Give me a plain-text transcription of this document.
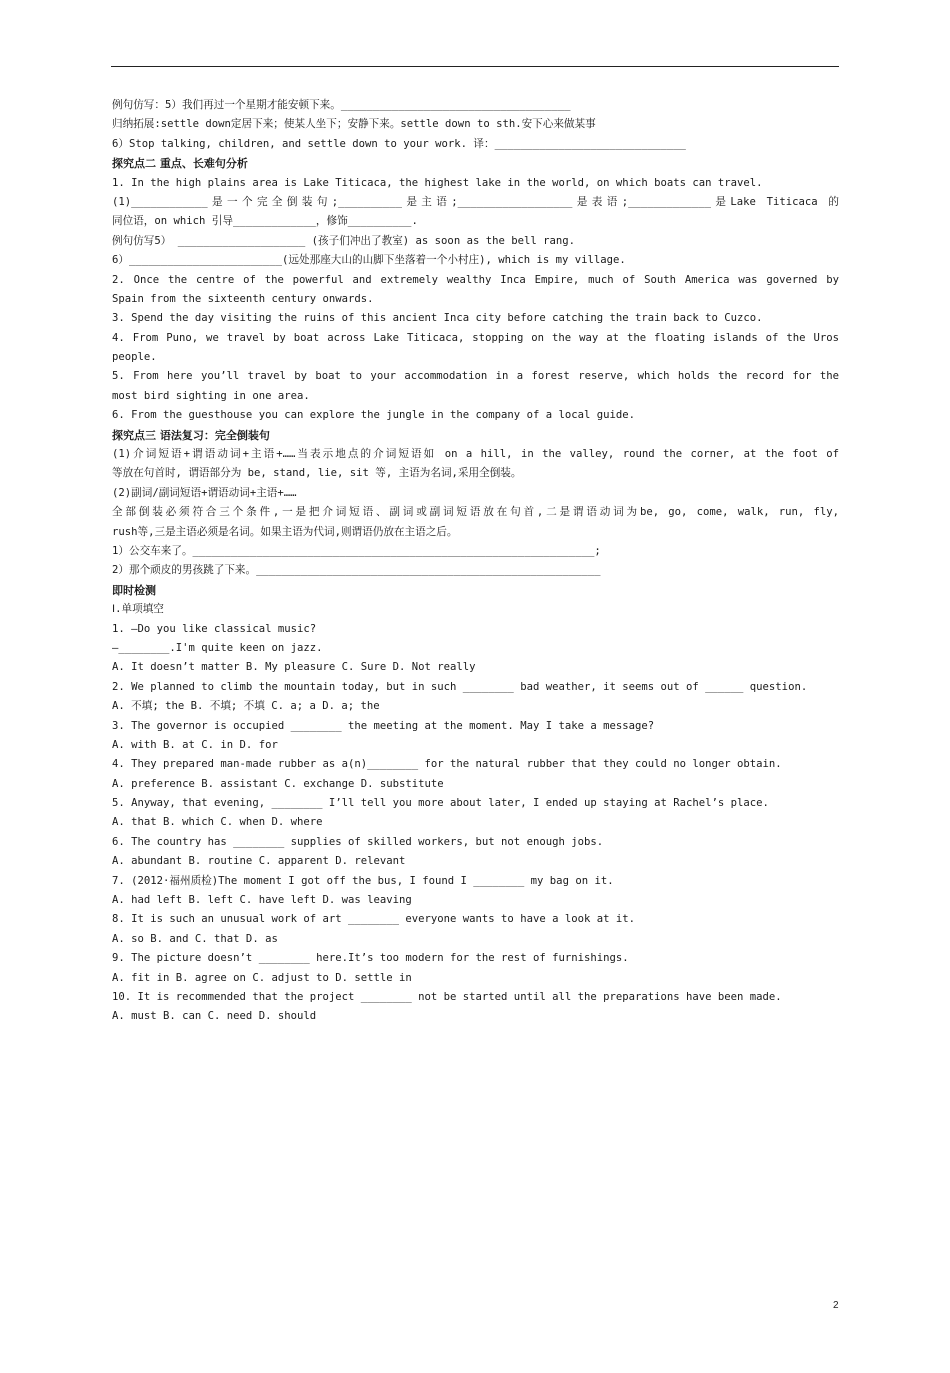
例句仿写：5）我们再过一个星期才能安顿下来。____________________________________
归纳拓展:settle down定居下来；使某人坐下；安静下来。settle down to sth.安下心来做某事
6）Stop talking, children, and settle down to your work. 译：______________________________
探究点二 重点、长难句分析
1. In the high plains area is Lake Titicaca, the highest lake in the world, on which boats can travel.
(1)____________是一个完全倒装句;__________是主语;__________________是表语;_____________是Lake Titicaca 的
同位语，on which 引导_____________，修饰__________.
例句仿写5） ____________________ (孩子们冲出了教室) as soon as the bell rang.
6）________________________(远处那座大山的山脚下坐落着一个小村庄), which is my village.
2. Once the centre of the powerful and extremely wealthy Inca Empire, much of South America was governed by
Spain from the sixteenth century onwards.
3. Spend the day visiting the ruins of this ancient Inca city before catching the train back to Cuzco.
4. From Puno, we travel by boat across Lake Titicaca, stopping on the way at the floating islands of the Uros
people.
5. From here you’ll travel by boat to your accommodation in a forest reserve, which holds the record for the
most bird sighting in one area.
6. From the guesthouse you can explore the jungle in the company of a local guide.
探究点三 语法复习：完全倒装句
(1)介词短语+谓语动词+主语+……当表示地点的介词短语如 on a hill, in the valley, round the corner, at the foot of
等放在句首时, 谓语部分为 be, stand, lie, sit 等, 主语为名词,采用全倒装。
(2)副词/副词短语+谓语动词+主语+……
全部倒装必须符合三个条件,一是把介词短语、副词或副词短语放在句首,二是谓语动词为be, go, come, walk, run, fly,
rush等,三是主语必须是名词。如果主语为代词,则谓语仍放在主语之后。
1）公交车来了。_______________________________________________________________;
2）那个顽皮的男孩跳了下来。______________________________________________________
即时检测
Ⅰ.单项填空
1. —Do you like classical music?
—________.I'm quite keen on jazz.
A. It doesn’t matter B. My pleasure C. Sure D. Not really
2. We planned to climb the mountain today, but in such ________ bad weather, it seems out of ______ question.
A. 不填; the B. 不填; 不填 C. a; a D. a; the
3. The governor is occupied ________ the meeting at the moment. May I take a message?
A. with B. at C. in D. for
4. They prepared man-made rubber as a(n)________ for the natural rubber that they could no longer obtain.
A. preference B. assistant C. exchange D. substitute
5. Anyway, that evening, ________ I’ll tell you more about later, I ended up staying at Rachel’s place.
A. that B. which C. when D. where
6. The country has ________ supplies of skilled workers, but not enough jobs.
A. abundant B. routine C. apparent D. relevant
7. (2012·福州质检)The moment I got off the bus, I found I ________ my bag on it.
A. had left B. left C. have left D. was leaving
8. It is such an unusual work of art ________ everyone wants to have a look at it.
A. so B. and C. that D. as
9. The picture doesn’t ________ here.It’s too modern for the rest of furnishings.
A. fit in B. agree on C. adjust to D. settle in
10. It is recommended that the project ________ not be started until all the preparations have been made.
A. must B. can C. need D. should
2
